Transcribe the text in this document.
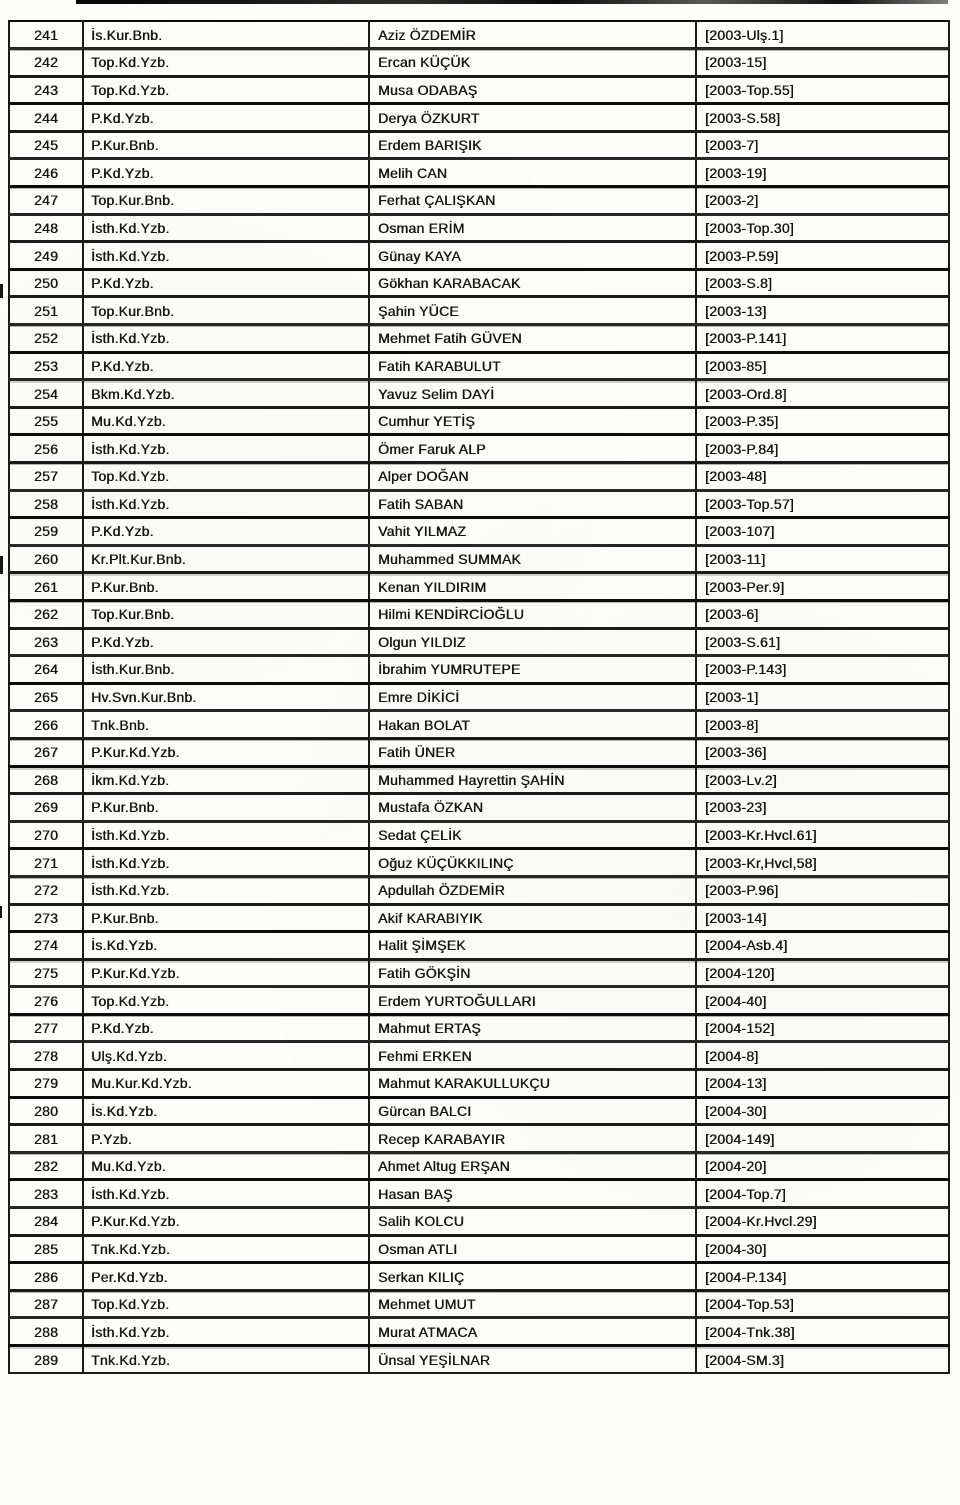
241	İs.Kur.Bnb.	Aziz ÖZDEMİR	[2003-Ulş.1]
242	Top.Kd.Yzb.	Ercan KÜÇÜK	[2003-15]
243	Top.Kd.Yzb.	Musa ODABAŞ	[2003-Top.55]
244	P.Kd.Yzb.	Derya ÖZKURT	[2003-S.58]
245	P.Kur.Bnb.	Erdem BARIŞIK	[2003-7]
246	P.Kd.Yzb.	Melih CAN	[2003-19]
247	Top.Kur.Bnb.	Ferhat ÇALIŞKAN	[2003-2]
248	İsth.Kd.Yzb.	Osman ERİM	[2003-Top.30]
249	İsth.Kd.Yzb.	Günay KAYA	[2003-P.59]
250	P.Kd.Yzb.	Gökhan KARABACAK	[2003-S.8]
251	Top.Kur.Bnb.	Şahin YÜCE	[2003-13]
252	İsth.Kd.Yzb.	Mehmet Fatih GÜVEN	[2003-P.141]
253	P.Kd.Yzb.	Fatih KARABULUT	[2003-85]
254	Bkm.Kd.Yzb.	Yavuz Selim DAYİ	[2003-Ord.8]
255	Mu.Kd.Yzb.	Cumhur YETİŞ	[2003-P.35]
256	İsth.Kd.Yzb.	Ömer Faruk ALP	[2003-P.84]
257	Top.Kd.Yzb.	Alper DOĞAN	[2003-48]
258	İsth.Kd.Yzb.	Fatih SABAN	[2003-Top.57]
259	P.Kd.Yzb.	Vahit YILMAZ	[2003-107]
260	Kr.Plt.Kur.Bnb.	Muhammed SUMMAK	[2003-11]
261	P.Kur.Bnb.	Kenan YILDIRIM	[2003-Per.9]
262	Top.Kur.Bnb.	Hilmi KENDİRCİOĞLU	[2003-6]
263	P.Kd.Yzb.	Olgun YILDIZ	[2003-S.61]
264	İsth.Kur.Bnb.	İbrahim YUMRUTEPE	[2003-P.143]
265	Hv.Svn.Kur.Bnb.	Emre DİKİCİ	[2003-1]
266	Tnk.Bnb.	Hakan BOLAT	[2003-8]
267	P.Kur.Kd.Yzb.	Fatih ÜNER	[2003-36]
268	İkm.Kd.Yzb.	Muhammed Hayrettin ŞAHİN	[2003-Lv.2]
269	P.Kur.Bnb.	Mustafa ÖZKAN	[2003-23]
270	İsth.Kd.Yzb.	Sedat ÇELİK	[2003-Kr.Hvcl.61]
271	İsth.Kd.Yzb.	Oğuz KÜÇÜKKILINÇ	[2003-Kr,Hvcl,58]
272	İsth.Kd.Yzb.	Apdullah ÖZDEMİR	[2003-P.96]
273	P.Kur.Bnb.	Akif KARABIYIK	[2003-14]
274	İs.Kd.Yzb.	Halit ŞİMŞEK	[2004-Asb.4]
275	P.Kur.Kd.Yzb.	Fatih GÖKŞİN	[2004-120]
276	Top.Kd.Yzb.	Erdem YURTOĞULLARI	[2004-40]
277	P.Kd.Yzb.	Mahmut ERTAŞ	[2004-152]
278	Ulş.Kd.Yzb.	Fehmi ERKEN	[2004-8]
279	Mu.Kur.Kd.Yzb.	Mahmut KARAKULLUKÇU	[2004-13]
280	İs.Kd.Yzb.	Gürcan BALCI	[2004-30]
281	P.Yzb.	Recep KARABAYIR	[2004-149]
282	Mu.Kd.Yzb.	Ahmet Altug ERŞAN	[2004-20]
283	İsth.Kd.Yzb.	Hasan BAŞ	[2004-Top.7]
284	P.Kur.Kd.Yzb.	Salih KOLCU	[2004-Kr.Hvcl.29]
285	Tnk.Kd.Yzb.	Osman ATLI	[2004-30]
286	Per.Kd.Yzb.	Serkan KILIÇ	[2004-P.134]
287	Top.Kd.Yzb.	Mehmet UMUT	[2004-Top.53]
288	İsth.Kd.Yzb.	Murat ATMACA	[2004-Tnk.38]
289	Tnk.Kd.Yzb.	Ünsal YEŞİLNAR	[2004-SM.3]
